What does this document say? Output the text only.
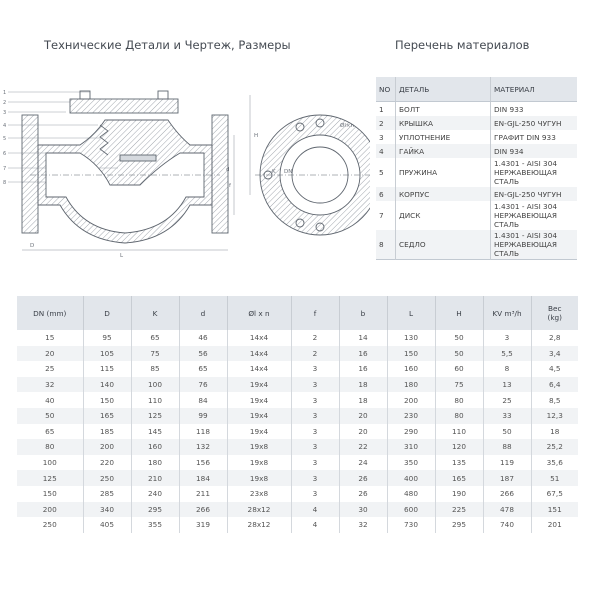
Технические Детали и Чертеж, Размеры	Перечень материалов
1
2
3
4
5
6
7
8
D
L
H
d
f
K DN
Øl×n
NO	ДЕТАЛЬ	МАТЕРИАЛ
1	БОЛТ	DIN 933
2	КРЫШКА	EN-GJL-250 ЧУГУН
3	УПЛОТНЕНИЕ	ГРАФИТ DIN 933
4	ГАЙКА	DIN 934
5	ПРУЖИНА	1.4301 - AISI 304
НЕРЖАВЕЮЩАЯ СТАЛЬ
6	КОРПУС	EN-GJL-250 ЧУГУН
7	ДИСК	1.4301 - AISI 304
НЕРЖАВЕЮЩАЯ СТАЛЬ
8	СЕДЛО	1.4301 - AISI 304
НЕРЖАВЕЮЩАЯ СТАЛЬ
DN (mm)	D	K	d	Øl x n	f	b	L	H	KV m³/h	Вес
(kg)
15	95	65	46	14x4	2	14	130	50	3	2,8
20	105	75	56	14x4	2	16	150	50	5,5	3,4
25	115	85	65	14x4	3	16	160	60	8	4,5
32	140	100	76	19x4	3	18	180	75	13	6,4
40	150	110	84	19x4	3	18	200	80	25	8,5
50	165	125	99	19x4	3	20	230	80	33	12,3
65	185	145	118	19x4	3	20	290	110	50	18
80	200	160	132	19x8	3	22	310	120	88	25,2
100	220	180	156	19x8	3	24	350	135	119	35,6
125	250	210	184	19x8	3	26	400	165	187	51
150	285	240	211	23x8	3	26	480	190	266	67,5
200	340	295	266	28x12	4	30	600	225	478	151
250	405	355	319	28x12	4	32	730	295	740	201
